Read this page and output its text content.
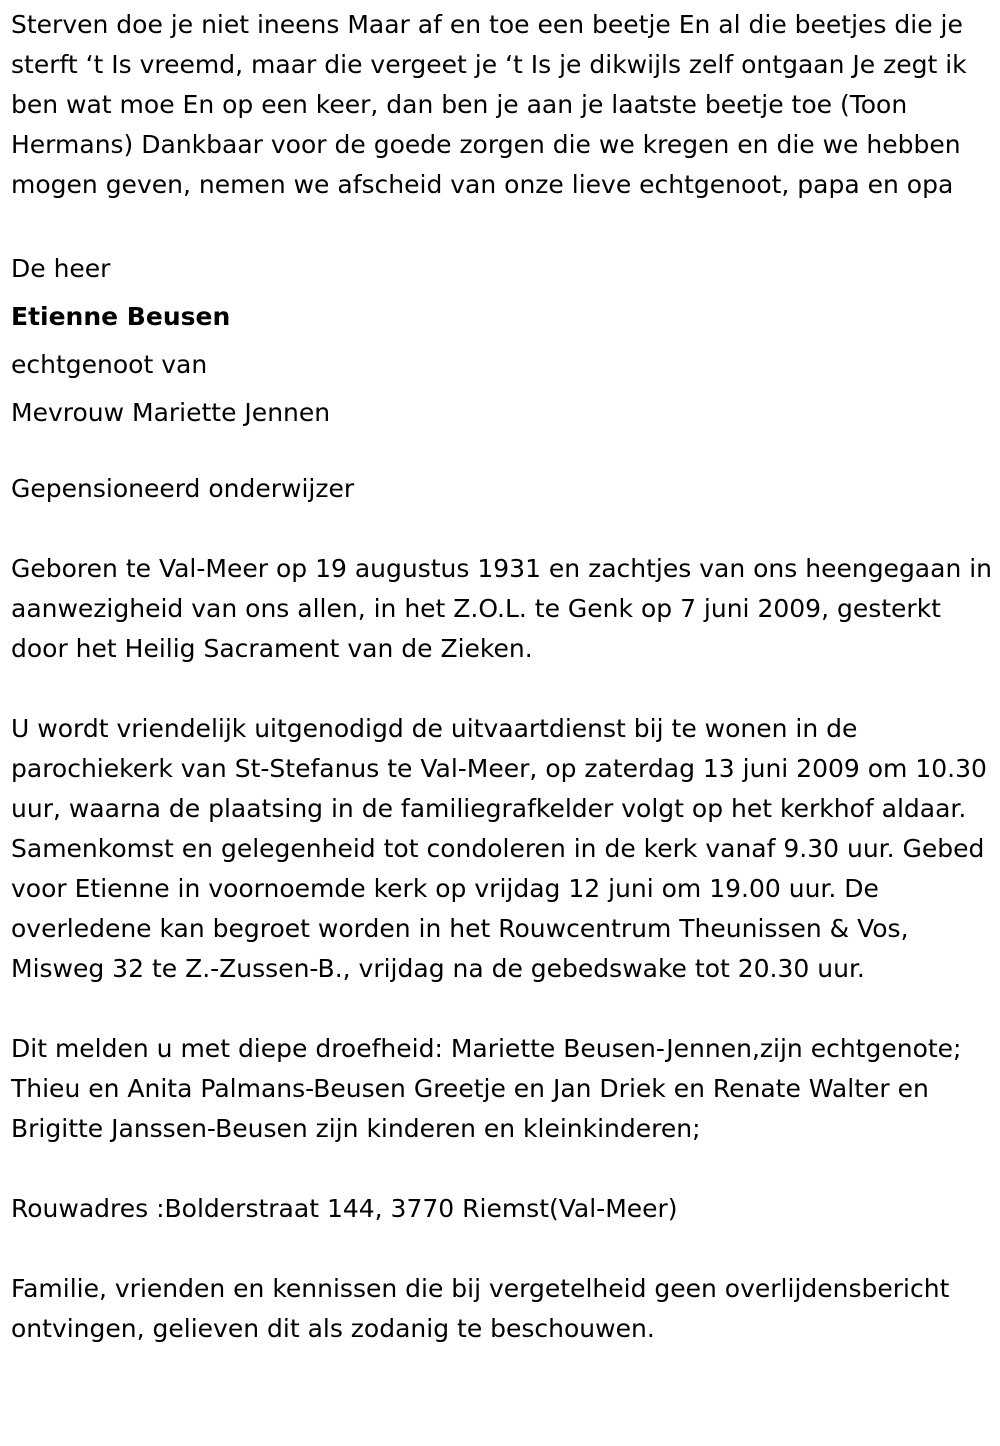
Sterven doe je niet ineens Maar af en toe een beetje En al die beetjes die je sterft ‘t Is vreemd, maar die vergeet je ‘t Is je dikwijls zelf ontgaan Je zegt ik ben wat moe En op een keer, dan ben je aan je laatste beetje toe (Toon Hermans) Dankbaar voor de goede zorgen die we kregen en die we hebben mogen geven, nemen we afscheid van onze lieve echtgenoot, papa en opa

De heer

Etienne Beusen

echtgenoot van

Mevrouw Mariette Jennen

Gepensioneerd onderwijzer

Geboren te Val-Meer op 19 augustus 1931 en zachtjes van ons heengegaan in aanwezigheid van ons allen, in het Z.O.L. te Genk op 7 juni 2009, gesterkt door het Heilig Sacrament van de Zieken.

U wordt vriendelijk uitgenodigd de uitvaartdienst bij te wonen in de parochiekerk van St-Stefanus te Val-Meer, op zaterdag 13 juni 2009 om 10.30 uur, waarna de plaatsing in de familiegrafkelder volgt op het kerkhof aldaar. Samenkomst en gelegenheid tot condoleren in de kerk vanaf 9.30 uur. Gebed voor Etienne in voornoemde kerk op vrijdag 12 juni om 19.00 uur. De overledene kan begroet worden in het Rouwcentrum Theunissen & Vos, Misweg 32 te Z.-Zussen-B., vrijdag na de gebedswake tot 20.30 uur.

Dit melden u met diepe droefheid: Mariette Beusen-Jennen,zijn echtgenote; Thieu en Anita Palmans-Beusen Greetje en Jan Driek en Renate Walter en Brigitte Janssen-Beusen zijn kinderen en kleinkinderen;

Rouwadres :Bolderstraat 144, 3770 Riemst(Val-Meer)

Familie, vrienden en kennissen die bij vergetelheid geen overlijdensbericht ontvingen, gelieven dit als zodanig te beschouwen.
